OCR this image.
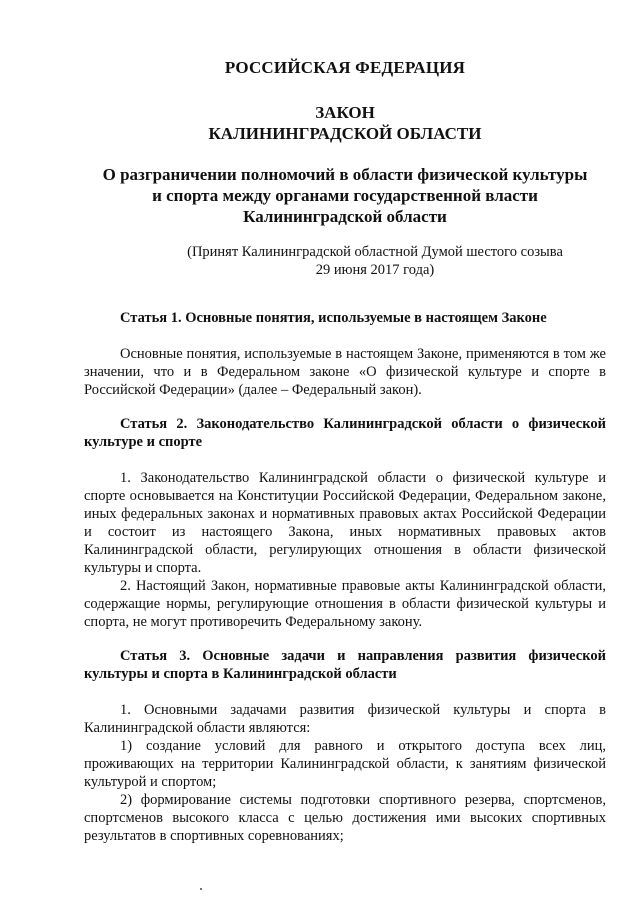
РОССИЙСКАЯ ФЕДЕРАЦИЯ
ЗАКОН
КАЛИНИНГРАДСКОЙ ОБЛАСТИ
О разграничении полномочий в области физической культуры
и спорта между органами государственной власти
Калининградской области
(Принят Калининградской областной Думой шестого созыва
29 июня 2017 года)

Статья 1. Основные понятия, используемые в настоящем Законе

Основные понятия, используемые в настоящем Законе, применяются в том же значении, что и в Федеральном законе «О физической культуре и спорте в Российской Федерации» (далее – Федеральный закон).

Статья 2. Законодательство Калининградской области о физической культуре и спорте

1. Законодательство Калининградской области о физической культуре и спорте основывается на Конституции Российской Федерации, Федеральном законе, иных федеральных законах и нормативных правовых актах Российской Федерации и состоит из настоящего Закона, иных нормативных правовых актов Калининградской области, регулирующих отношения в области физической культуры и спорта.

2. Настоящий Закон, нормативные правовые акты Калининградской области, содержащие нормы, регулирующие отношения в области физической культуры и спорта, не могут противоречить Федеральному закону.

Статья 3. Основные задачи и направления развития физической культуры и спорта в Калининградской области

1. Основными задачами развития физической культуры и спорта в Калининградской области являются:

1) создание условий для равного и открытого доступа всех лиц, проживающих на территории Калининградской области, к занятиям физической культурой и спортом;

2) формирование системы подготовки спортивного резерва, спортсменов, спортсменов высокого класса с целью достижения ими высоких спортивных результатов в спортивных соревнованиях;
